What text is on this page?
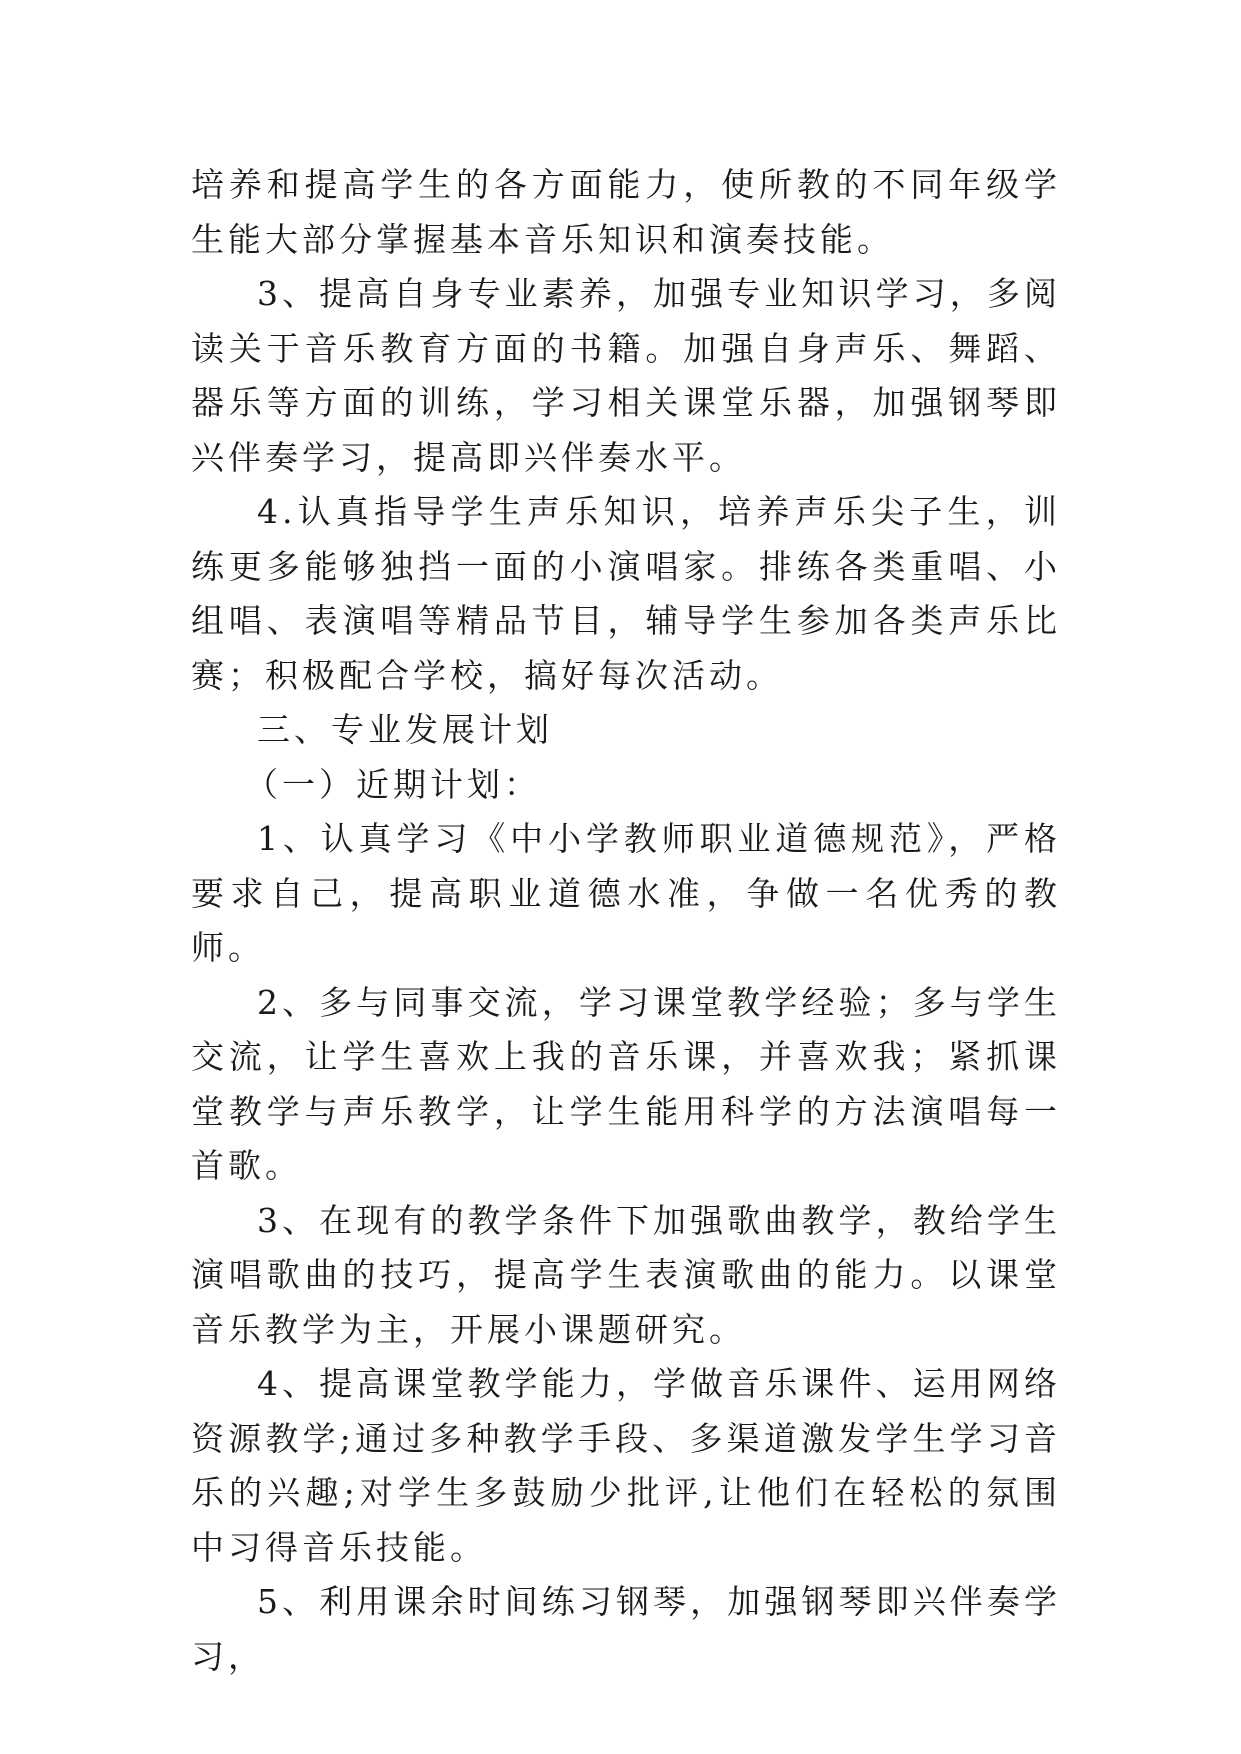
培养和提高学生的各方面能力，使所教的不同年级学生能大部分掌握基本音乐知识和演奏技能。

3、提高自身专业素养，加强专业知识学习，多阅读关于音乐教育方面的书籍。加强自身声乐、舞蹈、器乐等方面的训练，学习相关课堂乐器，加强钢琴即兴伴奏学习，提高即兴伴奏水平。

4.认真指导学生声乐知识，培养声乐尖子生，训练更多能够独挡一面的小演唱家。排练各类重唱、小组唱、表演唱等精品节目，辅导学生参加各类声乐比赛；积极配合学校，搞好每次活动。

三、专业发展计划

（一）近期计划：

1、认真学习《中小学教师职业道德规范》，严格要求自己，提高职业道德水准，争做一名优秀的教师。

2、多与同事交流，学习课堂教学经验；多与学生交流，让学生喜欢上我的音乐课，并喜欢我；紧抓课堂教学与声乐教学，让学生能用科学的方法演唱每一首歌。

3、在现有的教学条件下加强歌曲教学，教给学生演唱歌曲的技巧，提高学生表演歌曲的能力。以课堂音乐教学为主，开展小课题研究。

4、提高课堂教学能力，学做音乐课件、运用网络资源教学;通过多种教学手段、多渠道激发学生学习音乐的兴趣;对学生多鼓励少批评,让他们在轻松的氛围中习得音乐技能。

5、利用课余时间练习钢琴，加强钢琴即兴伴奏学习，
